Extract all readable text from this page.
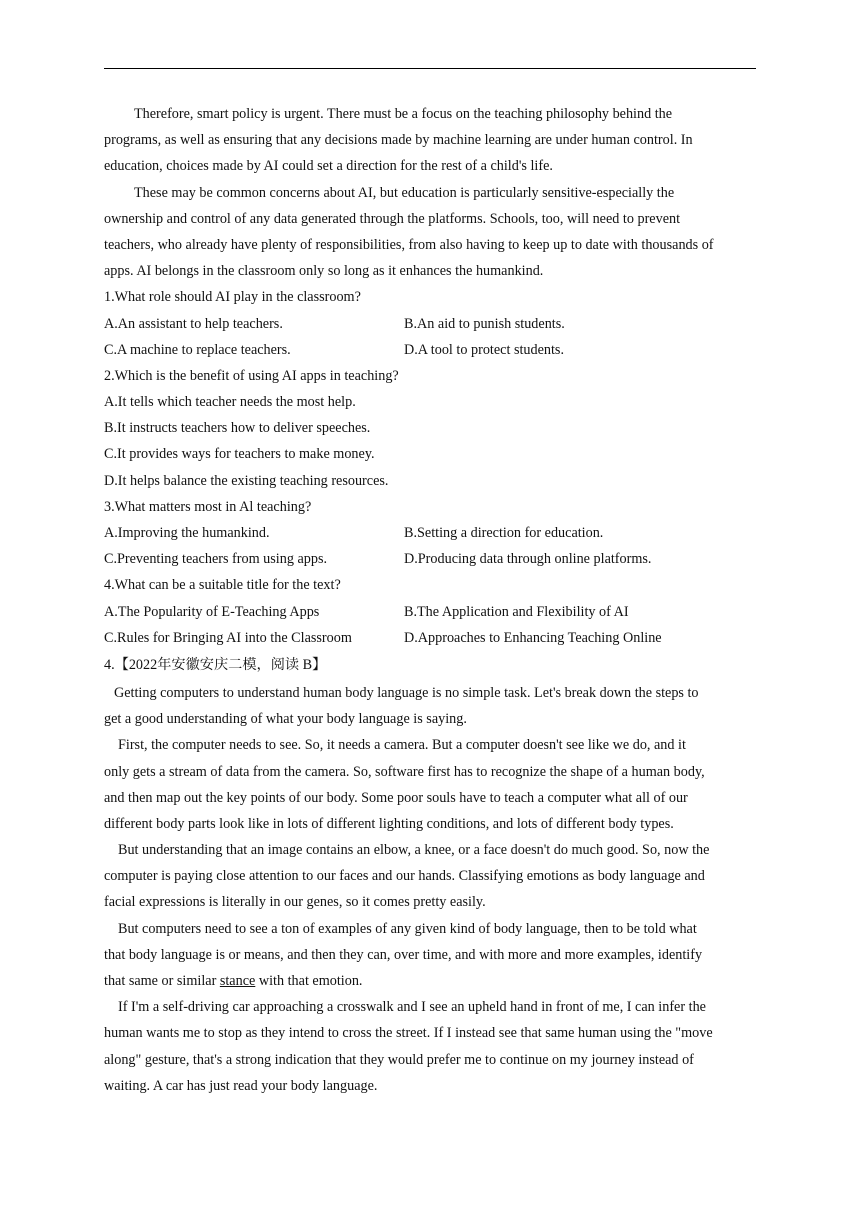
Therefore, smart policy is urgent. There must be a focus on the teaching philosophy behind the
programs, as well as ensuring that any decisions made by machine learning are under human control. In
education, choices made by AI could set a direction for the rest of a child's life.
These may be common concerns about AI, but education is particularly sensitive-especially the
ownership and control of any data generated through the platforms. Schools, too, will need to prevent
teachers, who already have plenty of responsibilities, from also having to keep up to date with thousands of
apps. AI belongs in the classroom only so long as it enhances the humankind.
1.What role should AI play in the classroom?
A.An assistant to help teachers.	B.An aid to punish students.
C.A machine to replace teachers.	D.A tool to protect students.
2.Which is the benefit of using AI apps in teaching?
A.It tells which teacher needs the most help.
B.It instructs teachers how to deliver speeches.
C.It provides ways for teachers to make money.
D.It helps balance the existing teaching resources.
3.What matters most in Al teaching?
A.Improving the humankind.	B.Setting a direction for education.
C.Preventing teachers from using apps.	D.Producing data through online platforms.
4.What can be a suitable title for the text?
A.The Popularity of E-Teaching Apps	B.The Application and Flexibility of AI
C.Rules for Bringing AI into the Classroom	D.Approaches to Enhancing Teaching Online
4.【2022年安徽安庆二模，阅读 B】
Getting computers to understand human body language is no simple task. Let's break down the steps to
get a good understanding of what your body language is saying.
First, the computer needs to see. So, it needs a camera. But a computer doesn't see like we do, and it
only gets a stream of data from the camera. So, software first has to recognize the shape of a human body,
and then map out the key points of our body. Some poor souls have to teach a computer what all of our
different body parts look like in lots of different lighting conditions, and lots of different body types.
But understanding that an image contains an elbow, a knee, or a face doesn't do much good. So, now the
computer is paying close attention to our faces and our hands. Classifying emotions as body language and
facial expressions is literally in our genes, so it comes pretty easily.
But computers need to see a ton of examples of any given kind of body language, then to be told what
that body language is or means, and then they can, over time, and with more and more examples, identify
that same or similar stance with that emotion.
If I'm a self-driving car approaching a crosswalk and I see an upheld hand in front of me, I can infer the
human wants me to stop as they intend to cross the street. If I instead see that same human using the "move
along" gesture, that's a strong indication that they would prefer me to continue on my journey instead of
waiting. A car has just read your body language.
